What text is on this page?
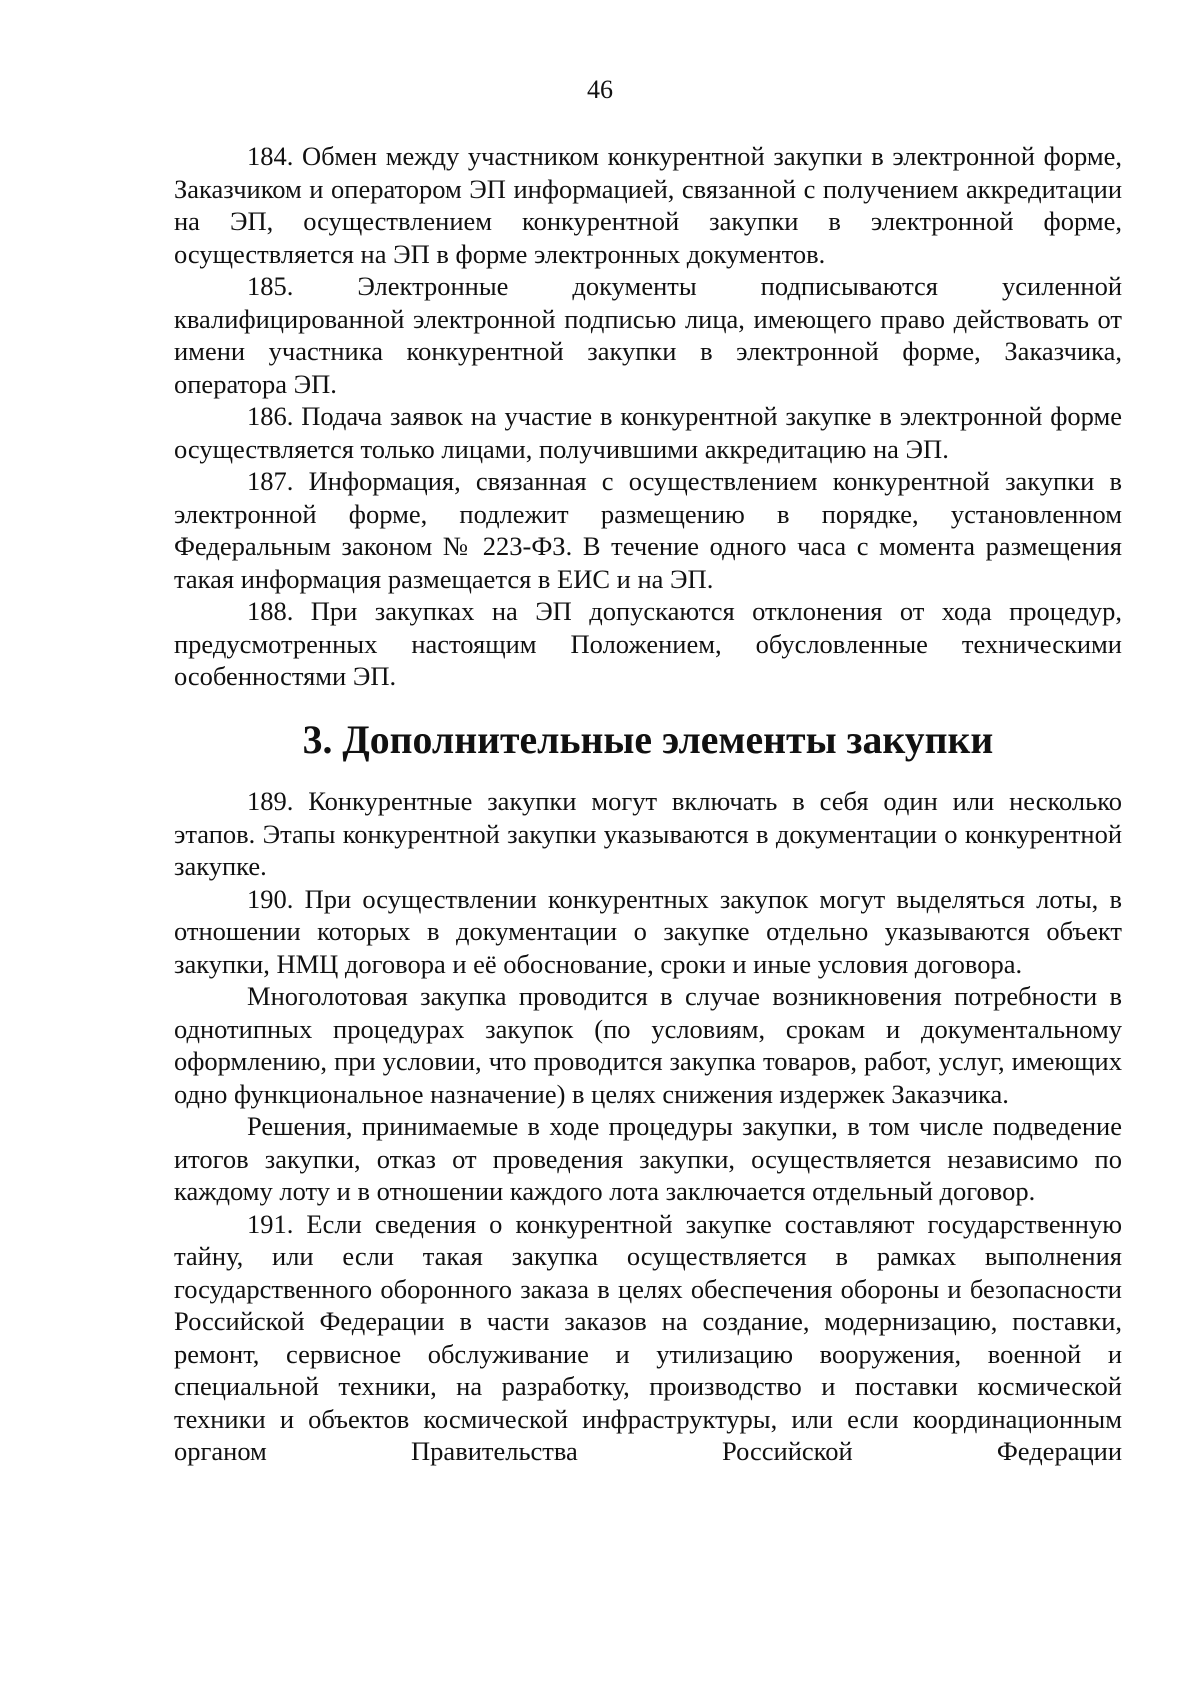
46

184. Обмен между участником конкурентной закупки в электронной форме, Заказчиком и оператором ЭП информацией, связанной с получением аккредитации на ЭП, осуществлением конкурентной закупки в электронной форме, осуществляется на ЭП в форме электронных документов.

185. Электронные документы подписываются усиленной квалифицированной электронной подписью лица, имеющего право действовать от имени участника конкурентной закупки в электронной форме, Заказчика, оператора ЭП.

186. Подача заявок на участие в конкурентной закупке в электронной форме осуществляется только лицами, получившими аккредитацию на ЭП.

187. Информация, связанная с осуществлением конкурентной закупки в электронной форме, подлежит размещению в порядке, установленном Федеральным законом № 223-ФЗ. В течение одного часа с момента размещения такая информация размещается в ЕИС и на ЭП.

188. При закупках на ЭП допускаются отклонения от хода процедур, предусмотренных настоящим Положением, обусловленные техническими особенностями ЭП.

3. Дополнительные элементы закупки

189. Конкурентные закупки могут включать в себя один или несколько этапов. Этапы конкурентной закупки указываются в документации о конкурентной закупке.

190. При осуществлении конкурентных закупок могут выделяться лоты, в отношении которых в документации о закупке отдельно указываются объект закупки, НМЦ договора и её обоснование, сроки и иные условия договора.

Многолотовая закупка проводится в случае возникновения потребности в однотипных процедурах закупок (по условиям, срокам и документальному оформлению, при условии, что проводится закупка товаров, работ, услуг, имеющих одно функциональное назначение) в целях снижения издержек Заказчика.

Решения, принимаемые в ходе процедуры закупки, в том числе подведение итогов закупки, отказ от проведения закупки, осуществляется независимо по каждому лоту и в отношении каждого лота заключается отдельный договор.

191. Если сведения о конкурентной закупке составляют государственную тайну, или если такая закупка осуществляется в рамках выполнения государственного оборонного заказа в целях обеспечения обороны и безопасности Российской Федерации в части заказов на создание, модернизацию, поставки, ремонт, сервисное обслуживание и утилизацию вооружения, военной и специальной техники, на разработку, производство и поставки космической техники и объектов космической инфраструктуры, или если координационным органом Правительства Российской Федерации
